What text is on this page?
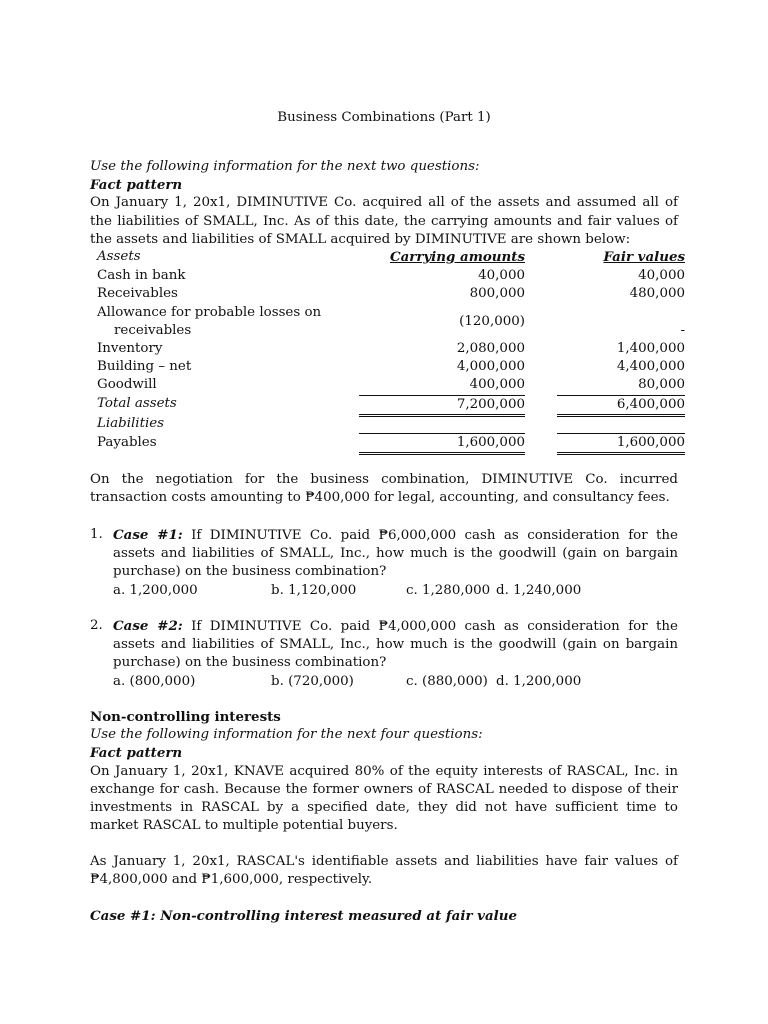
Business Combinations (Part 1)
Use the following information for the next two questions:
Fact pattern
On January 1, 20x1, DIMINUTIVE Co. acquired all of the assets and assumed all of the liabilities of SMALL, Inc. As of this date, the carrying amounts and fair values of the assets and liabilities of SMALL acquired by DIMINUTIVE are shown below:
Assets	Carrying amounts		Fair values
Cash in bank	40,000		40,000
Receivables	800,000		480,000
Allowance for probable losses on
receivables	(120,000)		-
Inventory	2,080,000		1,400,000
Building – net	4,000,000		4,400,000
Goodwill	400,000		80,000
Total assets	7,200,000		6,400,000
Liabilities			
Payables	1,600,000		1,600,000
On the negotiation for the business combination, DIMINUTIVE Co. incurred transaction costs amounting to ₱400,000 for legal, accounting, and consultancy fees.
1. Case #1: If DIMINUTIVE Co. paid ₱6,000,000 cash as consideration for the assets and liabilities of SMALL, Inc., how much is the goodwill (gain on bargain purchase) on the business combination?
a. 1,200,000	b. 1,120,000	c. 1,280,000 d. 1,240,000
2. Case #2: If DIMINUTIVE Co. paid ₱4,000,000 cash as consideration for the assets and liabilities of SMALL, Inc., how much is the goodwill (gain on bargain purchase) on the business combination?
a. (800,000)	b. (720,000)	c. (880,000) d. 1,200,000
Non-controlling interests
Use the following information for the next four questions:
Fact pattern
On January 1, 20x1, KNAVE acquired 80% of the equity interests of RASCAL, Inc. in exchange for cash. Because the former owners of RASCAL needed to dispose of their investments in RASCAL by a specified date, they did not have sufficient time to market RASCAL to multiple potential buyers.
As January 1, 20x1, RASCAL's identifiable assets and liabilities have fair values of ₱4,800,000 and ₱1,600,000, respectively.
Case #1: Non-controlling interest measured at fair value
